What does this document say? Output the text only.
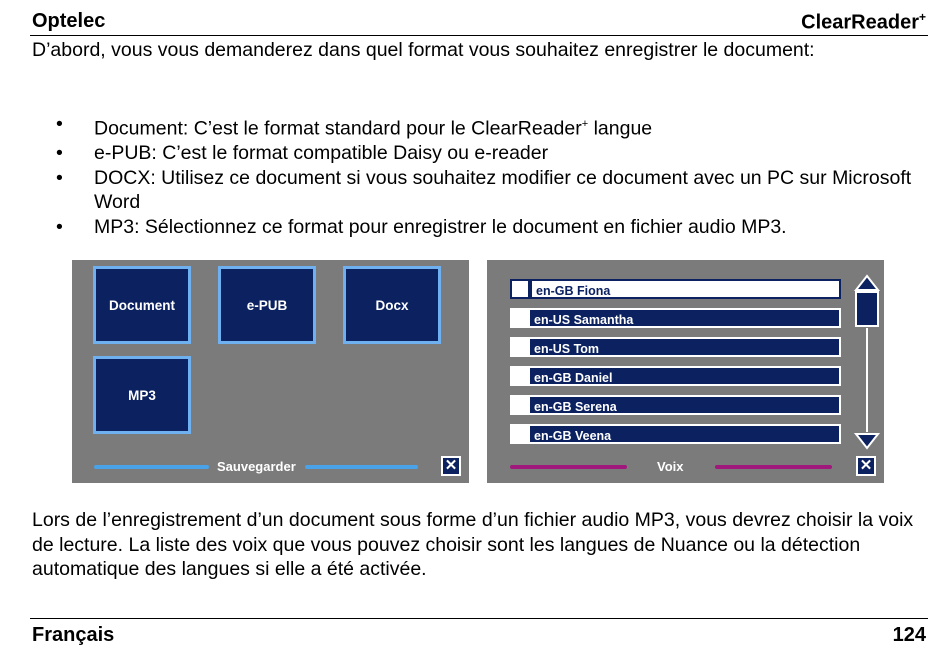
Optelec	ClearReader+
D’abord, vous vous demanderez dans quel format vous souhaitez enregistrer le document:
• Document: C’est le format standard pour le ClearReader+ langue
• e-PUB: C’est le format compatible Daisy ou e-reader
• DOCX: Utilisez ce document si vous souhaitez modifier ce document avec un PC sur Microsoft Word
• MP3: Sélectionnez ce format pour enregistrer le document en fichier audio MP3.
Document	e-PUB	Docx
MP3
Sauvegarder	✕
en-GB Fiona
en-US Samantha
en-US Tom
en-GB Daniel
en-GB Serena
en-GB Veena
Voix	✕
Lors de l’enregistrement d’un document sous forme d’un fichier audio MP3, vous devrez choisir la voix de lecture. La liste des voix que vous pouvez choisir sont les langues de Nuance ou la détection automatique des langues si elle a été activée.
Français	124
